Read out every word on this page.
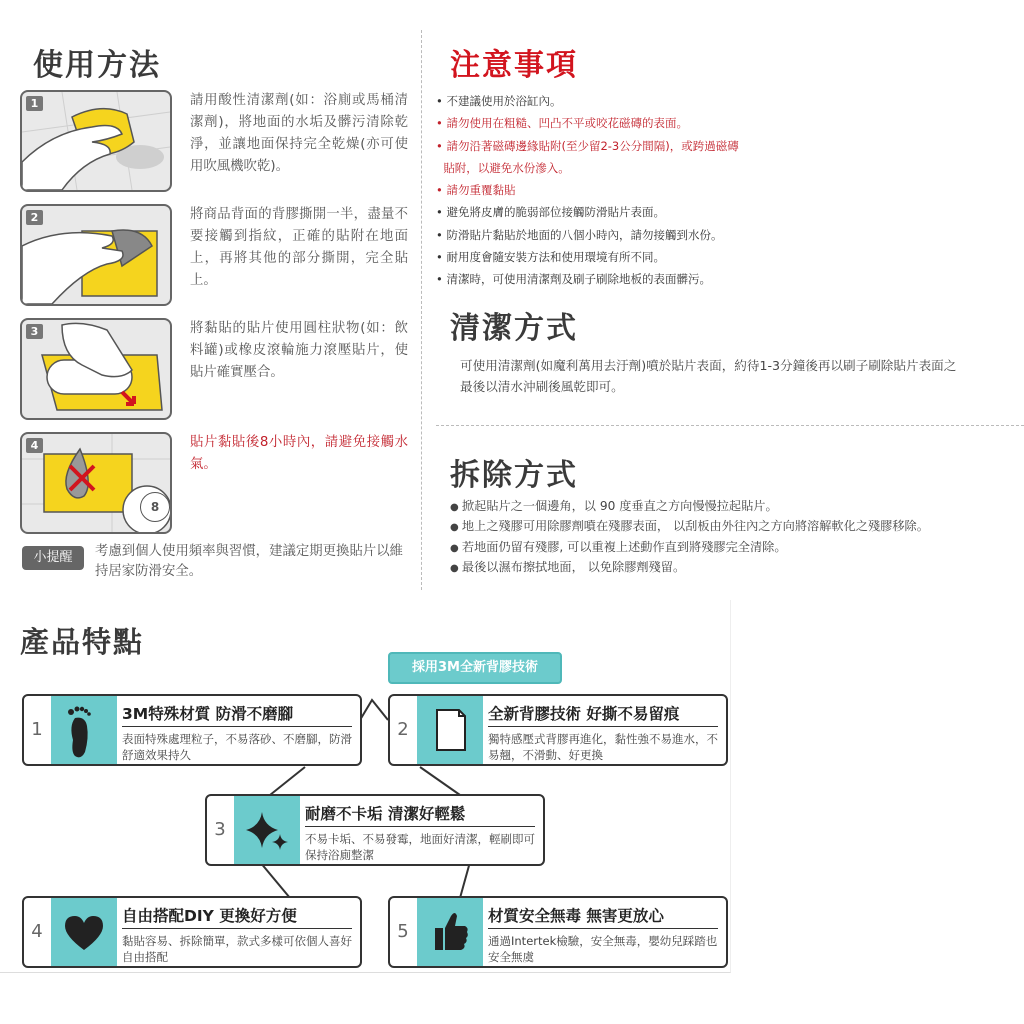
使用方法
1	請用酸性清潔劑(如：浴廁或馬桶清潔劑)，將地面的水垢及髒污清除乾淨，並讓地面保持完全乾燥(亦可使用吹風機吹乾)。
2	將商品背面的背膠撕開一半，盡量不要接觸到指紋，正確的貼附在地面上，再將其他的部分撕開，完全貼上。
3	將黏貼的貼片使用圓柱狀物(如：飲料罐)或橡皮滾輪施力滾壓貼片，使貼片確實壓合。
8
4	貼片黏貼後8小時內，請避免接觸水氣。
小提醒	考慮到個人使用頻率與習慣，建議定期更換貼片以維持居家防滑安全。
注意事項
• 不建議使用於浴缸內。
• 請勿使用在粗糙、凹凸不平或咬花磁磚的表面。
• 請勿沿著磁磚邊緣貼附(至少留2-3公分間隔)，或跨過磁磚
貼附，以避免水份滲入。
• 請勿重覆黏貼
• 避免將皮膚的脆弱部位接觸防滑貼片表面。
• 防滑貼片黏貼於地面的八個小時內，請勿接觸到水份。
• 耐用度會隨安裝方法和使用環境有所不同。
• 清潔時，可使用清潔劑及刷子刷除地板的表面髒污。
清潔方式
可使用清潔劑(如魔利萬用去汙劑)噴於貼片表面，約待1-3分鐘後再以刷子刷除貼片表面之
最後以清水沖刷後風乾即可。
拆除方式
● 掀起貼片之一個邊角，以 90 度垂直之方向慢慢拉起貼片。
● 地上之殘膠可用除膠劑噴在殘膠表面， 以刮板由外往內之方向將溶解軟化之殘膠移除。
● 若地面仍留有殘膠, 可以重複上述動作直到將殘膠完全清除。
● 最後以濕布擦拭地面， 以免除膠劑殘留。
產品特點
採用3M全新背膠技術
1
3M特殊材質 防滑不磨腳
表面特殊處理粒子，不易落砂、不磨腳，防滑舒適效果持久
2
全新背膠技術 好撕不易留痕
獨特感壓式背膠再進化，黏性強不易進水，不易翹，不滑動、好更換
3
耐磨不卡垢 清潔好輕鬆
不易卡垢、不易發霉，地面好清潔，輕刷即可保持浴廁整潔
4
自由搭配DIY 更換好方便
黏貼容易、拆除簡單，款式多樣可依個人喜好自由搭配
5
材質安全無毒 無害更放心
通過Intertek檢驗，安全無毒，嬰幼兒踩踏也安全無虞
